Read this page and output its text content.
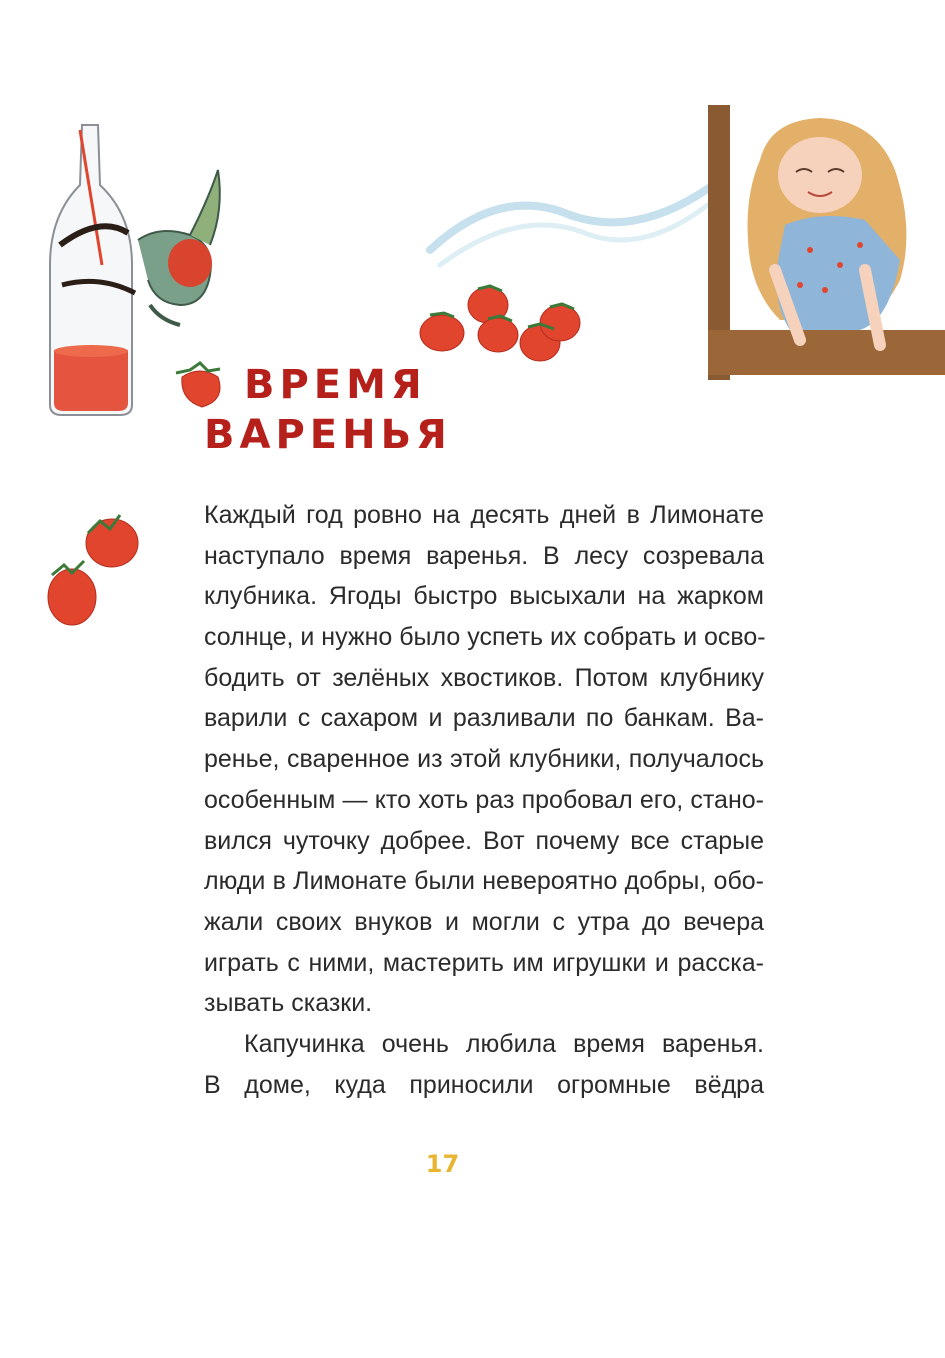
ВРЕМЯ
ВАРЕНЬЯ
Каждый год ровно на десять дней в Лимонате
наступало время варенья. В лесу созревала
клубника. Ягоды быстро высыхали на жарком
солнце, и нужно было успеть их собрать и осво-
бодить от зелёных хвостиков. Потом клубнику
варили с сахаром и разливали по банкам. Ва-
ренье, сваренное из этой клубники, получалось
особенным — кто хоть раз пробовал его, стано-
вился чуточку добрее. Вот почему все старые
люди в Лимонате были невероятно добры, обо-
жали своих внуков и могли с утра до вечера
играть с ними, мастерить им игрушки и расска-
зывать сказки.
Капучинка очень любила время варенья.
В доме, куда приносили огромные вёдра
17
